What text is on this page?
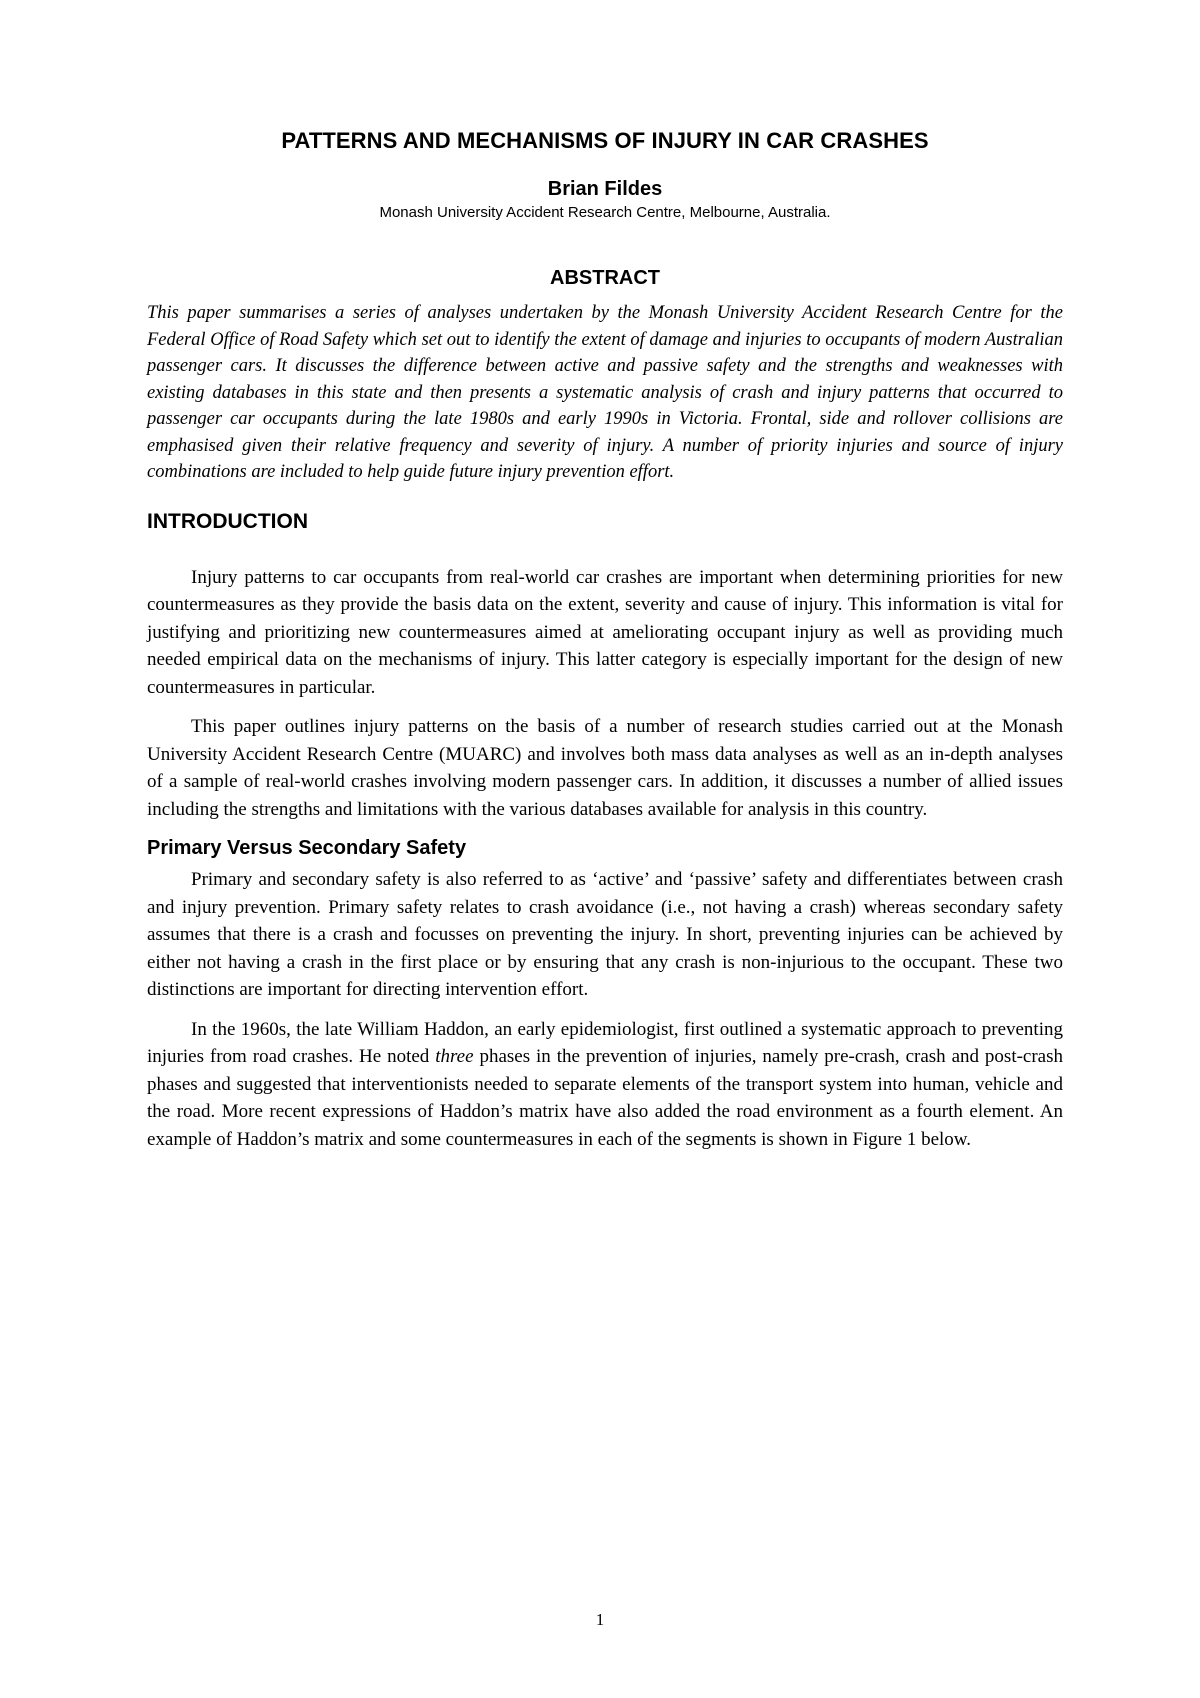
PATTERNS AND MECHANISMS OF INJURY IN CAR CRASHES

Brian Fildes

Monash University Accident Research Centre, Melbourne, Australia.

ABSTRACT

This paper summarises a series of analyses undertaken by the Monash University Accident Research Centre for the Federal Office of Road Safety which set out to identify the extent of damage and injuries to occupants of modern Australian passenger cars. It discusses the difference between active and passive safety and the strengths and weaknesses with existing databases in this state and then presents a systematic analysis of crash and injury patterns that occurred to passenger car occupants during the late 1980s and early 1990s in Victoria. Frontal, side and rollover collisions are emphasised given their relative frequency and severity of injury. A number of priority injuries and source of injury combinations are included to help guide future injury prevention effort.

INTRODUCTION

Injury patterns to car occupants from real-world car crashes are important when determining priorities for new countermeasures as they provide the basis data on the extent, severity and cause of injury. This information is vital for justifying and prioritizing new countermeasures aimed at ameliorating occupant injury as well as providing much needed empirical data on the mechanisms of injury. This latter category is especially important for the design of new countermeasures in particular.

This paper outlines injury patterns on the basis of a number of research studies carried out at the Monash University Accident Research Centre (MUARC) and involves both mass data analyses as well as an in-depth analyses of a sample of real-world crashes involving modern passenger cars. In addition, it discusses a number of allied issues including the strengths and limitations with the various databases available for analysis in this country.

Primary Versus Secondary Safety

Primary and secondary safety is also referred to as ‘active’ and ‘passive’ safety and differentiates between crash and injury prevention. Primary safety relates to crash avoidance (i.e., not having a crash) whereas secondary safety assumes that there is a crash and focusses on preventing the injury. In short, preventing injuries can be achieved by either not having a crash in the first place or by ensuring that any crash is non-injurious to the occupant. These two distinctions are important for directing intervention effort.

In the 1960s, the late William Haddon, an early epidemiologist, first outlined a systematic approach to preventing injuries from road crashes. He noted three phases in the prevention of injuries, namely pre-crash, crash and post-crash phases and suggested that interventionists needed to separate elements of the transport system into human, vehicle and the road. More recent expressions of Haddon’s matrix have also added the road environment as a fourth element. An example of Haddon’s matrix and some countermeasures in each of the segments is shown in Figure 1 below.

1
